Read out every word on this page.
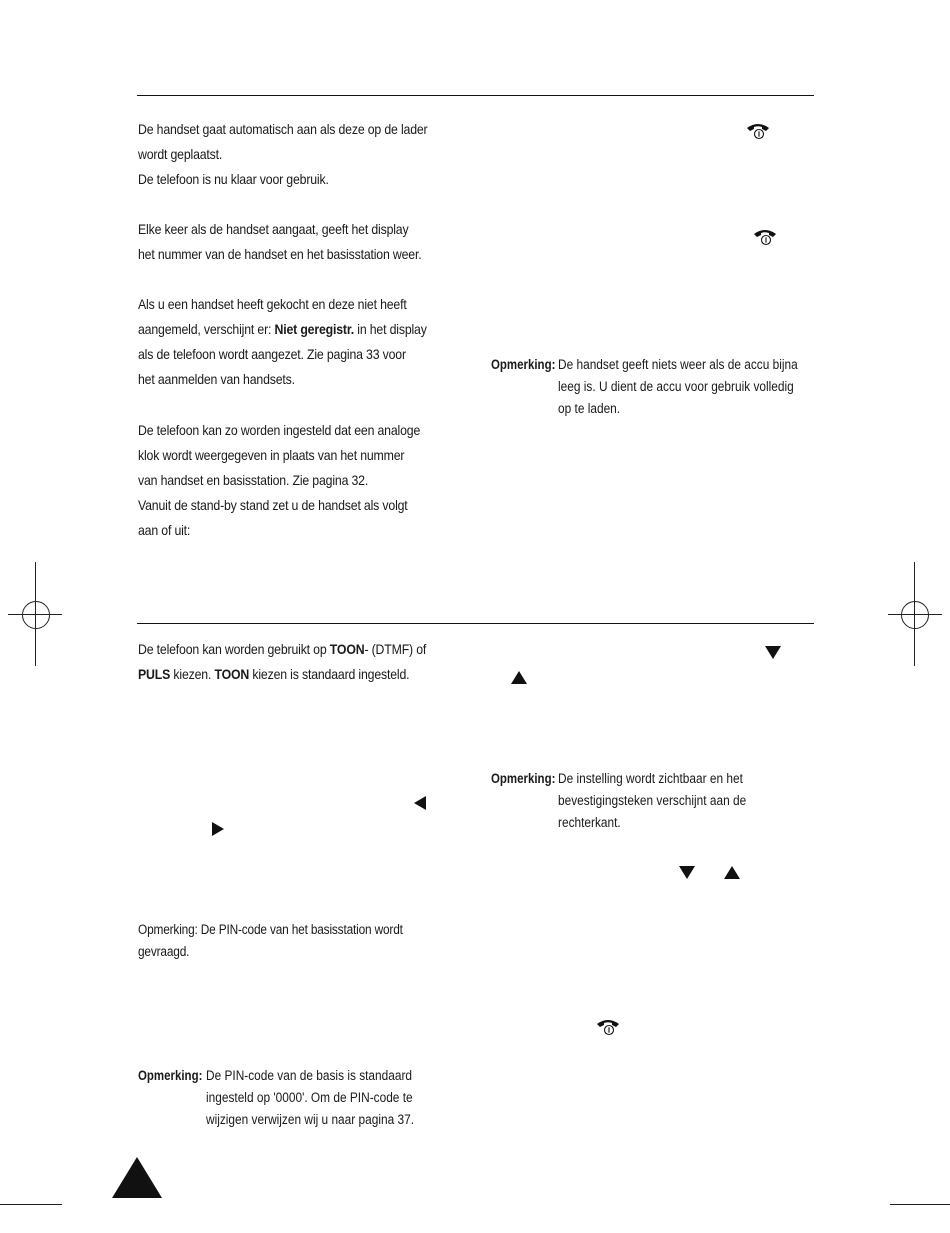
De handset gaat automatisch aan als deze op de lader
wordt geplaatst.
De telefoon is nu klaar voor gebruik.
Elke keer als de handset aangaat, geeft het display
het nummer van de handset en het basisstation weer.
Als u een handset heeft gekocht en deze niet heeft
aangemeld, verschijnt er: Niet geregistr. in het display
als de telefoon wordt aangezet. Zie pagina 33 voor
het aanmelden van handsets.
De telefoon kan zo worden ingesteld dat een analoge
klok wordt weergegeven in plaats van het nummer
van handset en basisstation. Zie pagina 32.
Vanuit de stand-by stand zet u de handset als volgt
aan of uit:
Opmerking: De handset geeft niets weer als de accu bijna
leeg is. U dient de accu voor gebruik volledig
op te laden.
De telefoon kan worden gebruikt op TOON- (DTMF) of
PULS kiezen. TOON kiezen is standaard ingesteld.
Opmerking: De PIN-code van het basisstation wordt
gevraagd.
Opmerking: De PIN-code van de basis is standaard
ingesteld op '0000'. Om de PIN-code te
wijzigen verwijzen wij u naar pagina 37.
Opmerking: De instelling wordt zichtbaar en het
bevestigingsteken verschijnt aan de
rechterkant.
